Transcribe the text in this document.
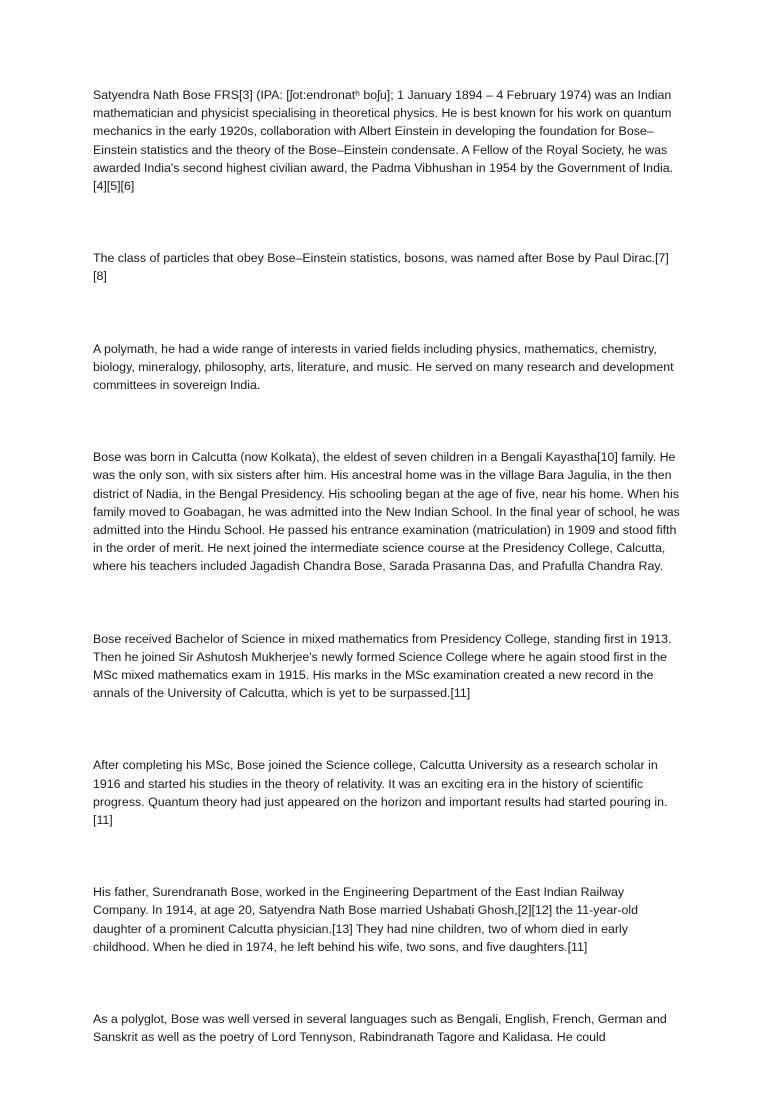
Satyendra Nath Bose FRS[3] (IPA: [ʃot:endronatʰ boʃu]; 1 January 1894 – 4 February 1974) was an Indian mathematician and physicist specialising in theoretical physics. He is best known for his work on quantum mechanics in the early 1920s, collaboration with Albert Einstein in developing the foundation for Bose–Einstein statistics and the theory of the Bose–Einstein condensate. A Fellow of the Royal Society, he was awarded India's second highest civilian award, the Padma Vibhushan in 1954 by the Government of India.[4][5][6]

The class of particles that obey Bose–Einstein statistics, bosons, was named after Bose by Paul Dirac.[7][8]

A polymath, he had a wide range of interests in varied fields including physics, mathematics, chemistry, biology, mineralogy, philosophy, arts, literature, and music. He served on many research and development committees in sovereign India.

Bose was born in Calcutta (now Kolkata), the eldest of seven children in a Bengali Kayastha[10] family. He was the only son, with six sisters after him. His ancestral home was in the village Bara Jagulia, in the then district of Nadia, in the Bengal Presidency. His schooling began at the age of five, near his home. When his family moved to Goabagan, he was admitted into the New Indian School. In the final year of school, he was admitted into the Hindu School. He passed his entrance examination (matriculation) in 1909 and stood fifth in the order of merit. He next joined the intermediate science course at the Presidency College, Calcutta, where his teachers included Jagadish Chandra Bose, Sarada Prasanna Das, and Prafulla Chandra Ray.

Bose received Bachelor of Science in mixed mathematics from Presidency College, standing first in 1913. Then he joined Sir Ashutosh Mukherjee's newly formed Science College where he again stood first in the MSc mixed mathematics exam in 1915. His marks in the MSc examination created a new record in the annals of the University of Calcutta, which is yet to be surpassed.[11]

After completing his MSc, Bose joined the Science college, Calcutta University as a research scholar in 1916 and started his studies in the theory of relativity. It was an exciting era in the history of scientific progress. Quantum theory had just appeared on the horizon and important results had started pouring in.[11]

His father, Surendranath Bose, worked in the Engineering Department of the East Indian Railway Company. In 1914, at age 20, Satyendra Nath Bose married Ushabati Ghosh,[2][12] the 11-year-old daughter of a prominent Calcutta physician.[13] They had nine children, two of whom died in early childhood. When he died in 1974, he left behind his wife, two sons, and five daughters.[11]

As a polyglot, Bose was well versed in several languages such as Bengali, English, French, German and Sanskrit as well as the poetry of Lord Tennyson, Rabindranath Tagore and Kalidasa. He could
